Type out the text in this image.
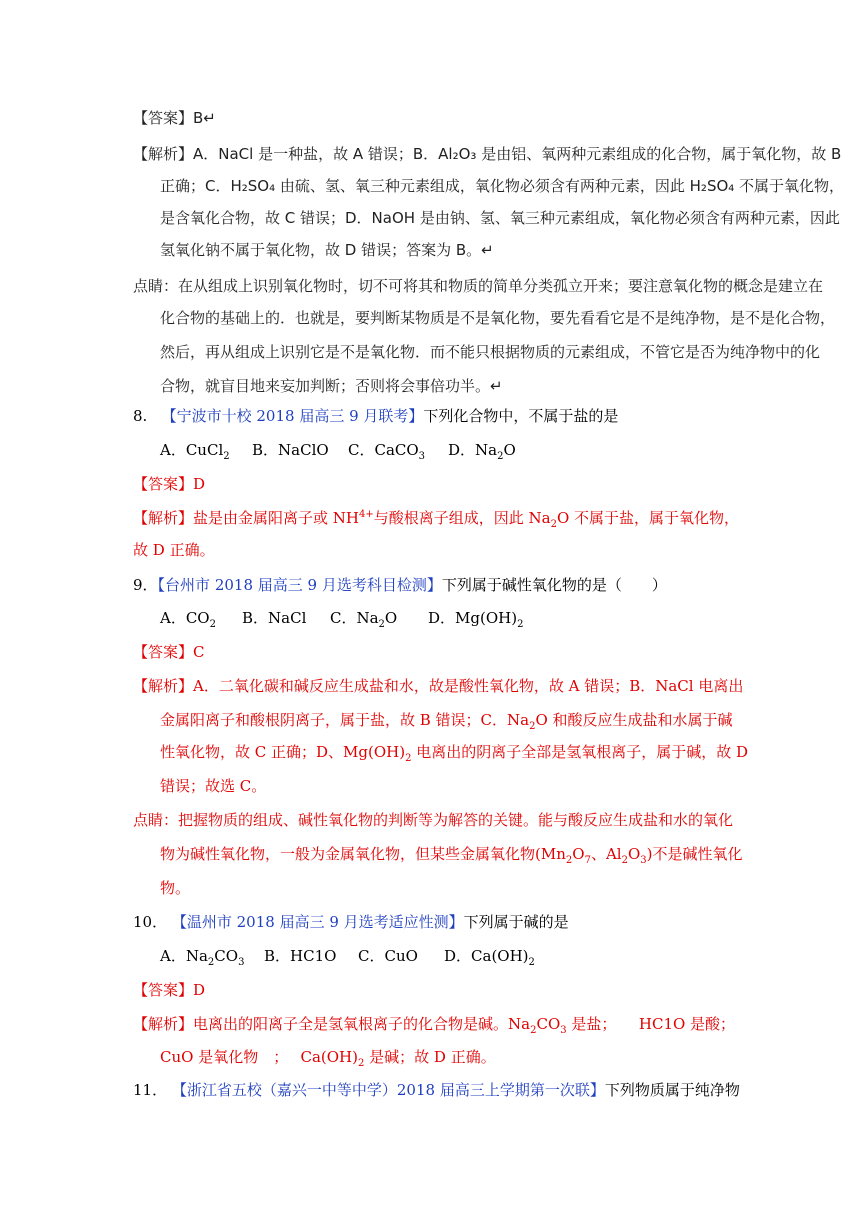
【答案】B↵
【解析】A．NaCl 是一种盐，故 A 错误；B．Al₂O₃ 是由铝、氧两种元素组成的化合物，属于氧化物，故 B
正确；C．H₂SO₄ 由硫、氢、氧三种元素组成，氧化物必须含有两种元素，因此 H₂SO₄ 不属于氧化物，
是含氧化合物，故 C 错误；D．NaOH 是由钠、氢、氧三种元素组成，氧化物必须含有两种元素，因此
氢氧化钠不属于氧化物，故 D 错误；答案为 B。↵
点睛：在从组成上识别氧化物时，切不可将其和物质的简单分类孤立开来；要注意氧化物的概念是建立在
化合物的基础上的．也就是，要判断某物质是不是氧化物，要先看看它是不是纯净物，是不是化合物，
然后，再从组成上识别它是不是氧化物．而不能只根据物质的元素组成，不管它是否为纯净物中的化
合物，就盲目地来妄加判断；否则将会事倍功半。↵
8. 【宁波市十校 2018 届高三 9 月联考】下列化合物中，不属于盐的是
A．CuCl$_2$ B．NaClO C．CaCO$_3$ D．$Na_2O$
【答案】D
【解析】盐是由金属阳离子或 $NH^{4+}$与酸根离子组成，因此 $Na_2O$ 不属于盐，属于氧化物，
故 D 正确。
9．【台州市 2018 届高三 9 月选考科目检测】下列属于碱性氧化物的是（　　）
A．$CO_2$ B．NaCl C．$Na_2O$ D．$Mg(OH)_2$
【答案】C
【解析】A．二氧化碳和碱反应生成盐和水，故是酸性氧化物，故 A 错误；B．NaCl 电离出
金属阳离子和酸根阴离子，属于盐，故 B 错误；C．$Na_2O$ 和酸反应生成盐和水属于碱
性氧化物，故 C 正确；D、$Mg(OH)_2$ 电离出的阴离子全部是氢氧根离子，属于碱，故 D
错误；故选 C。
点睛：把握物质的组成、碱性氧化物的判断等为解答的关键。能与酸反应生成盐和水的氧化
物为碱性氧化物，一般为金属氧化物，但某些金属氧化物($Mn_2O_7$、$Al_2O_3$)不是碱性氧化
物。
10． 【温州市 2018 届高三 9 月选考适应性测】下列属于碱的是
A．$Na_2CO_3$ B．HC1O C．CuO D．$Ca(OH)_2$
【答案】D
【解析】电离出的阳离子全是氢氧根离子的化合物是碱。$Na_2CO_3$ 是盐；　　HC1O 是酸；
CuO 是氧化物　；　 $Ca(OH)_2$ 是碱；故 D 正确。
11． 【浙江省五校（嘉兴一中等中学）2018 届高三上学期第一次联】下列物质属于纯净物
